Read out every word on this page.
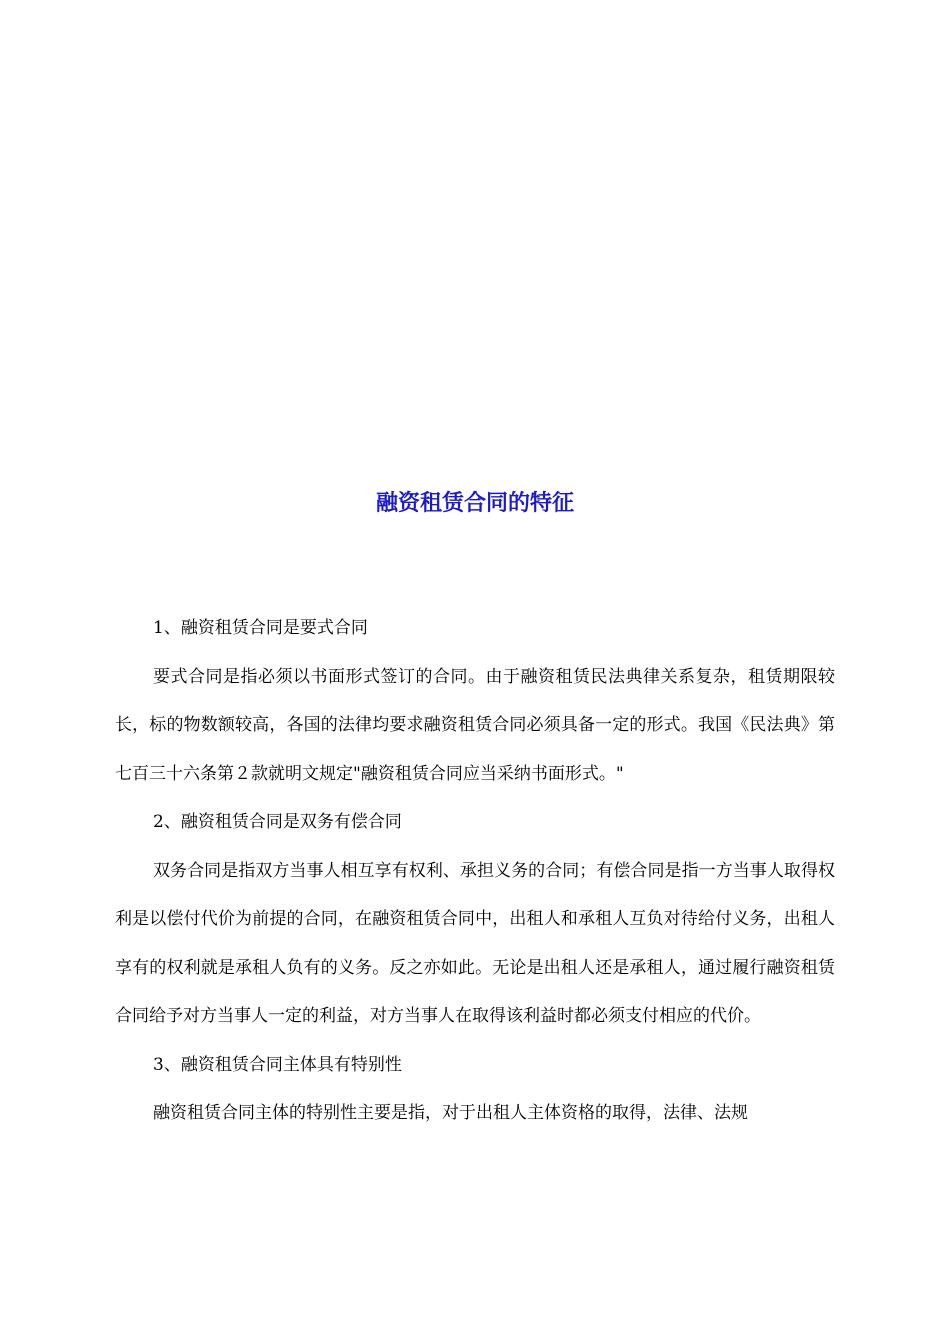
融资租赁合同的特征

1、融资租赁合同是要式合同

要式合同是指必须以书面形式签订的合同。由于融资租赁民法典律关系复杂，租赁期限较长，标的物数额较高，各国的法律均要求融资租赁合同必须具备一定的形式。我国《民法典》第七百三十六条第２款就明文规定"融资租赁合同应当采纳书面形式。"

2、融资租赁合同是双务有偿合同

双务合同是指双方当事人相互享有权利、承担义务的合同；有偿合同是指一方当事人取得权利是以偿付代价为前提的合同，在融资租赁合同中，出租人和承租人互负对待给付义务，出租人享有的权利就是承租人负有的义务。反之亦如此。无论是出租人还是承租人，通过履行融资租赁合同给予对方当事人一定的利益，对方当事人在取得该利益时都必须支付相应的代价。

3、融资租赁合同主体具有特别性

融资租赁合同主体的特别性主要是指，对于出租人主体资格的取得，法律、法规
